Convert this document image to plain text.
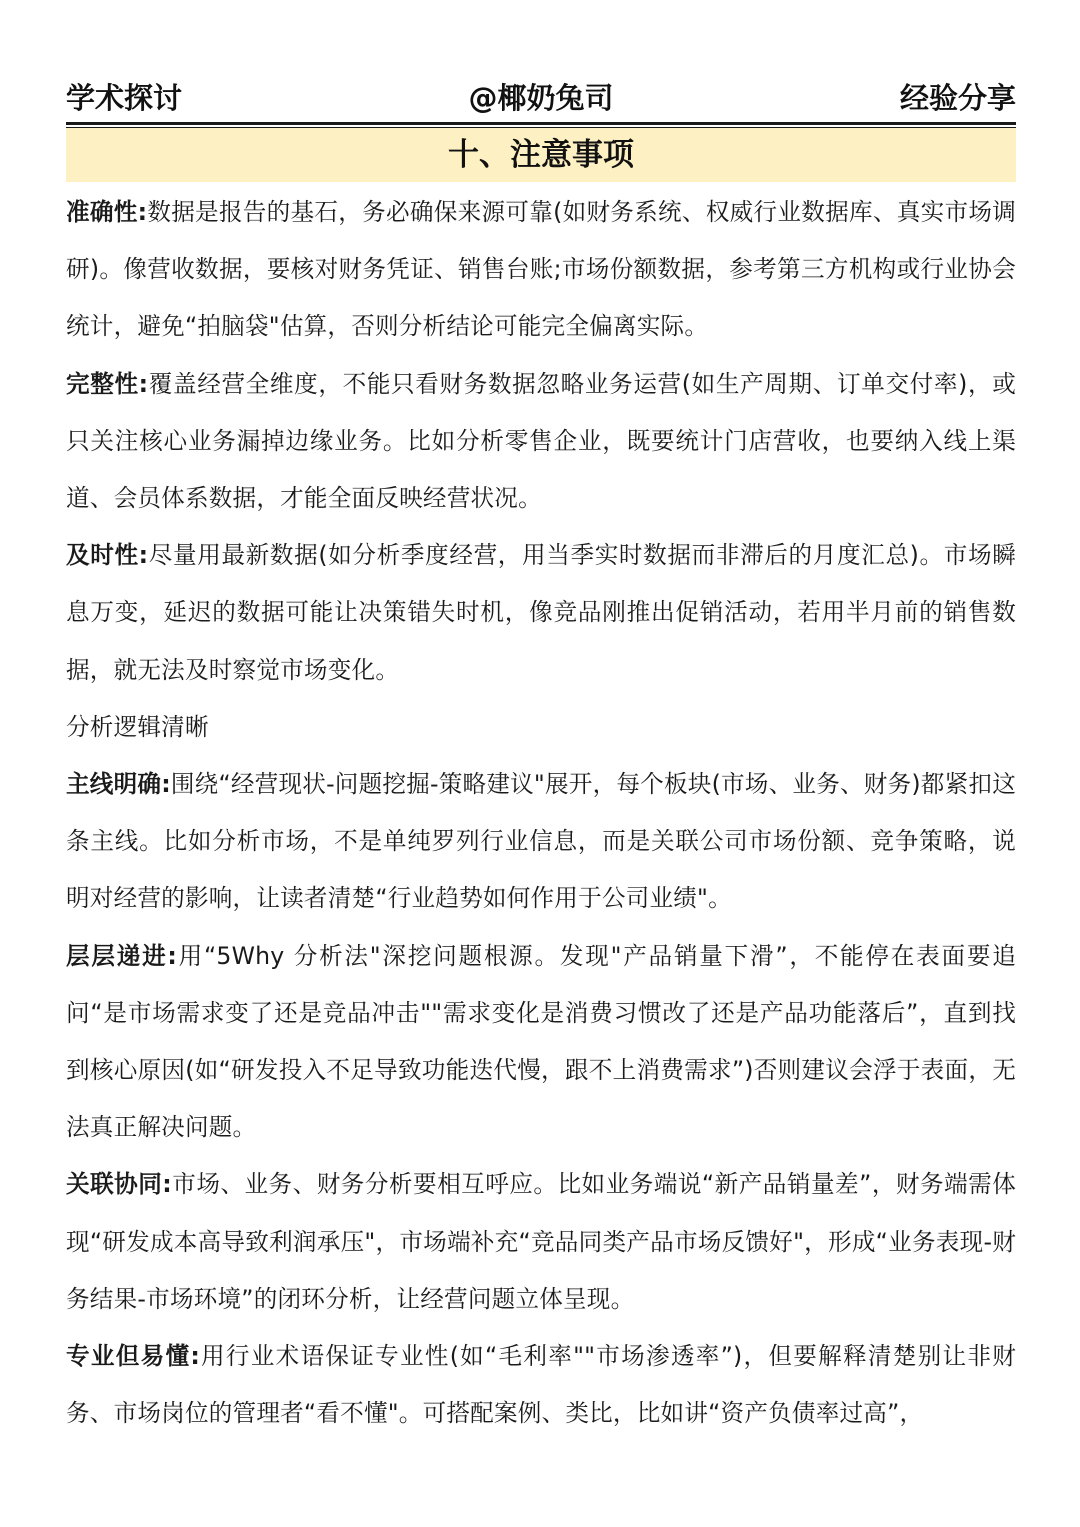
学术探讨	@椰奶兔司	经验分享
十、注意事项

准确性:数据是报告的基石，务必确保来源可靠(如财务系统、权威行业数据库、真实市场调研)。像营收数据，要核对财务凭证、销售台账;市场份额数据，参考第三方机构或行业协会统计，避免“拍脑袋"估算，否则分析结论可能完全偏离实际。

完整性:覆盖经营全维度，不能只看财务数据忽略业务运营(如生产周期、订单交付率)，或只关注核心业务漏掉边缘业务。比如分析零售企业，既要统计门店营收，也要纳入线上渠道、会员体系数据，才能全面反映经营状况。

及时性:尽量用最新数据(如分析季度经营，用当季实时数据而非滞后的月度汇总)。市场瞬息万变，延迟的数据可能让决策错失时机，像竞品刚推出促销活动，若用半月前的销售数据，就无法及时察觉市场变化。

分析逻辑清晰

主线明确:围绕“经营现状-问题挖掘-策略建议"展开，每个板块(市场、业务、财务)都紧扣这条主线。比如分析市场，不是单纯罗列行业信息，而是关联公司市场份额、竞争策略，说明对经营的影响，让读者清楚“行业趋势如何作用于公司业绩"。

层层递进:用“5Why 分析法"深挖问题根源。发现"产品销量下滑”，不能停在表面要追问“是市场需求变了还是竞品冲击""需求变化是消费习惯改了还是产品功能落后”，直到找到核心原因(如“研发投入不足导致功能迭代慢，跟不上消费需求”)否则建议会浮于表面，无法真正解决问题。

关联协同:市场、业务、财务分析要相互呼应。比如业务端说“新产品销量差”，财务端需体现“研发成本高导致利润承压"，市场端补充“竞品同类产品市场反馈好"，形成“业务表现-财务结果-市场环境”的闭环分析，让经营问题立体呈现。

专业但易懂:用行业术语保证专业性(如“毛利率""市场渗透率”)，但要解释清楚别让非财务、市场岗位的管理者“看不懂"。可搭配案例、类比，比如讲“资产负债率过高”，
